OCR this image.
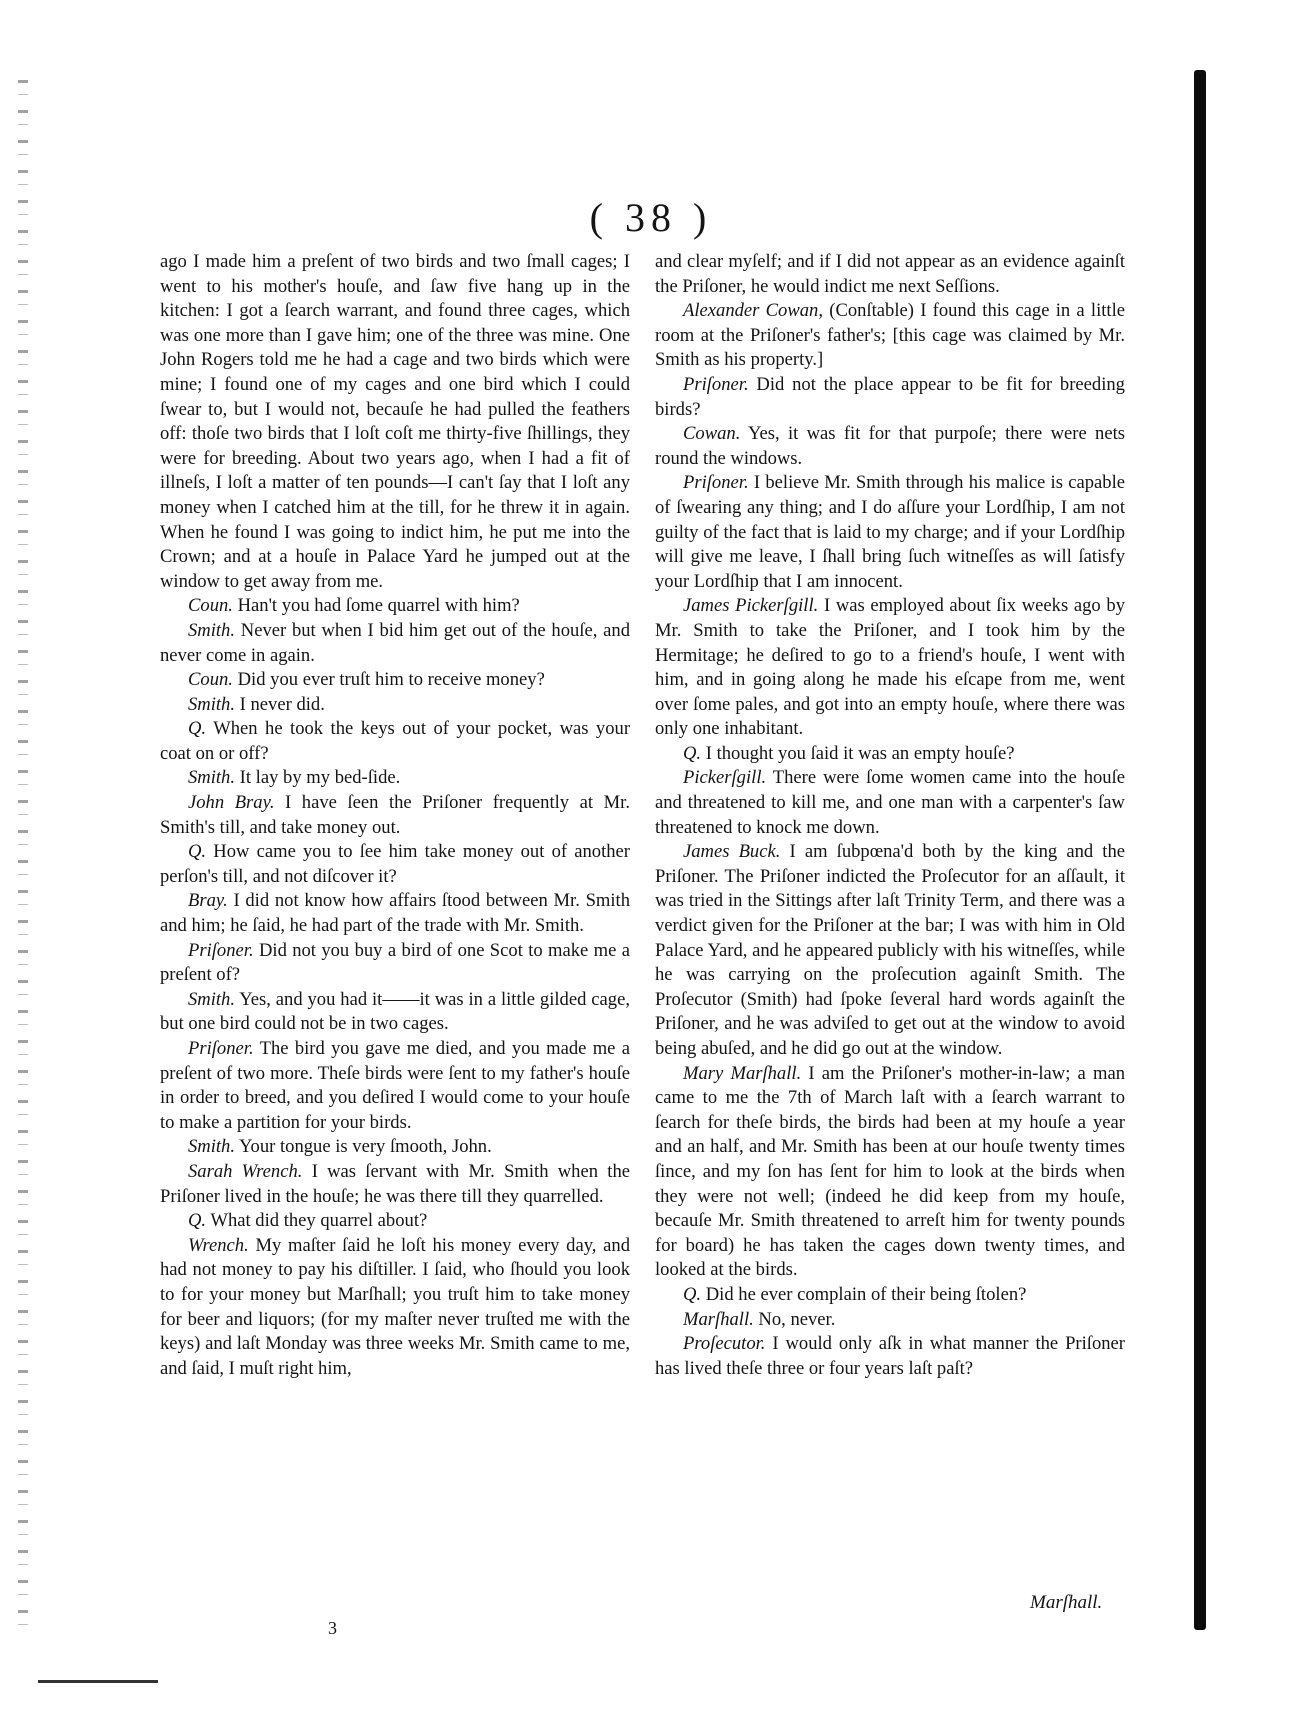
( 38 )

ago I made him a preſent of two birds and two ſmall cages; I went to his mother's houſe, and ſaw five hang up in the kitchen: I got a ſearch warrant, and found three cages, which was one more than I gave him; one of the three was mine. One John Rogers told me he had a cage and two birds which were mine; I found one of my cages and one bird which I could ſwear to, but I would not, becauſe he had pulled the feathers off: thoſe two birds that I loſt coſt me thirty-five ſhillings, they were for breeding. About two years ago, when I had a fit of illneſs, I loſt a matter of ten pounds—I can't ſay that I loſt any money when I catched him at the till, for he threw it in again. When he found I was going to indict him, he put me into the Crown; and at a houſe in Palace Yard he jumped out at the window to get away from me.

Coun. Han't you had ſome quarrel with him?

Smith. Never but when I bid him get out of the houſe, and never come in again.

Coun. Did you ever truſt him to receive money?

Smith. I never did.

Q. When he took the keys out of your pocket, was your coat on or off?

Smith. It lay by my bed-ſide.

John Bray. I have ſeen the Priſoner frequently at Mr. Smith's till, and take money out.

Q. How came you to ſee him take money out of another perſon's till, and not diſcover it?

Bray. I did not know how affairs ſtood between Mr. Smith and him; he ſaid, he had part of the trade with Mr. Smith.

Priſoner. Did not you buy a bird of one Scot to make me a preſent of?

Smith. Yes, and you had it——it was in a little gilded cage, but one bird could not be in two cages.

Priſoner. The bird you gave me died, and you made me a preſent of two more. Theſe birds were ſent to my father's houſe in order to breed, and you deſired I would come to your houſe to make a partition for your birds.

Smith. Your tongue is very ſmooth, John.

Sarah Wrench. I was ſervant with Mr. Smith when the Priſoner lived in the houſe; he was there till they quarrelled.

Q. What did they quarrel about?

Wrench. My maſter ſaid he loſt his money every day, and had not money to pay his diſtiller. I ſaid, who ſhould you look to for your money but Marſhall; you truſt him to take money for beer and liquors; (for my maſter never truſted me with the keys) and laſt Monday was three weeks Mr. Smith came to me, and ſaid, I muſt right him,

and clear myſelf; and if I did not appear as an evidence againſt the Priſoner, he would indict me next Seſſions.

Alexander Cowan, (Conſtable) I found this cage in a little room at the Priſoner's father's; [this cage was claimed by Mr. Smith as his property.]

Priſoner. Did not the place appear to be fit for breeding birds?

Cowan. Yes, it was fit for that purpoſe; there were nets round the windows.

Priſoner. I believe Mr. Smith through his malice is capable of ſwearing any thing; and I do aſſure your Lordſhip, I am not guilty of the fact that is laid to my charge; and if your Lordſhip will give me leave, I ſhall bring ſuch witneſſes as will ſatisfy your Lordſhip that I am innocent.

James Pickerſgill. I was employed about ſix weeks ago by Mr. Smith to take the Priſoner, and I took him by the Hermitage; he deſired to go to a friend's houſe, I went with him, and in going along he made his eſcape from me, went over ſome pales, and got into an empty houſe, where there was only one inhabitant.

Q. I thought you ſaid it was an empty houſe?

Pickerſgill. There were ſome women came into the houſe and threatened to kill me, and one man with a carpenter's ſaw threatened to knock me down.

James Buck. I am ſubpœna'd both by the king and the Priſoner. The Priſoner indicted the Proſecutor for an aſſault, it was tried in the Sittings after laſt Trinity Term, and there was a verdict given for the Priſoner at the bar; I was with him in Old Palace Yard, and he appeared publicly with his witneſſes, while he was carrying on the proſecution againſt Smith. The Proſecutor (Smith) had ſpoke ſeveral hard words againſt the Priſoner, and he was adviſed to get out at the window to avoid being abuſed, and he did go out at the window.

Mary Marſhall. I am the Priſoner's mother-in-law; a man came to me the 7th of March laſt with a ſearch warrant to ſearch for theſe birds, the birds had been at my houſe a year and an half, and Mr. Smith has been at our houſe twenty times ſince, and my ſon has ſent for him to look at the birds when they were not well; (indeed he did keep from my houſe, becauſe Mr. Smith threatened to arreſt him for twenty pounds for board) he has taken the cages down twenty times, and looked at the birds.

Q. Did he ever complain of their being ſtolen?

Marſhall. No, never.

Proſecutor. I would only aſk in what manner the Priſoner has lived theſe three or four years laſt paſt?

3
Marſhall.
